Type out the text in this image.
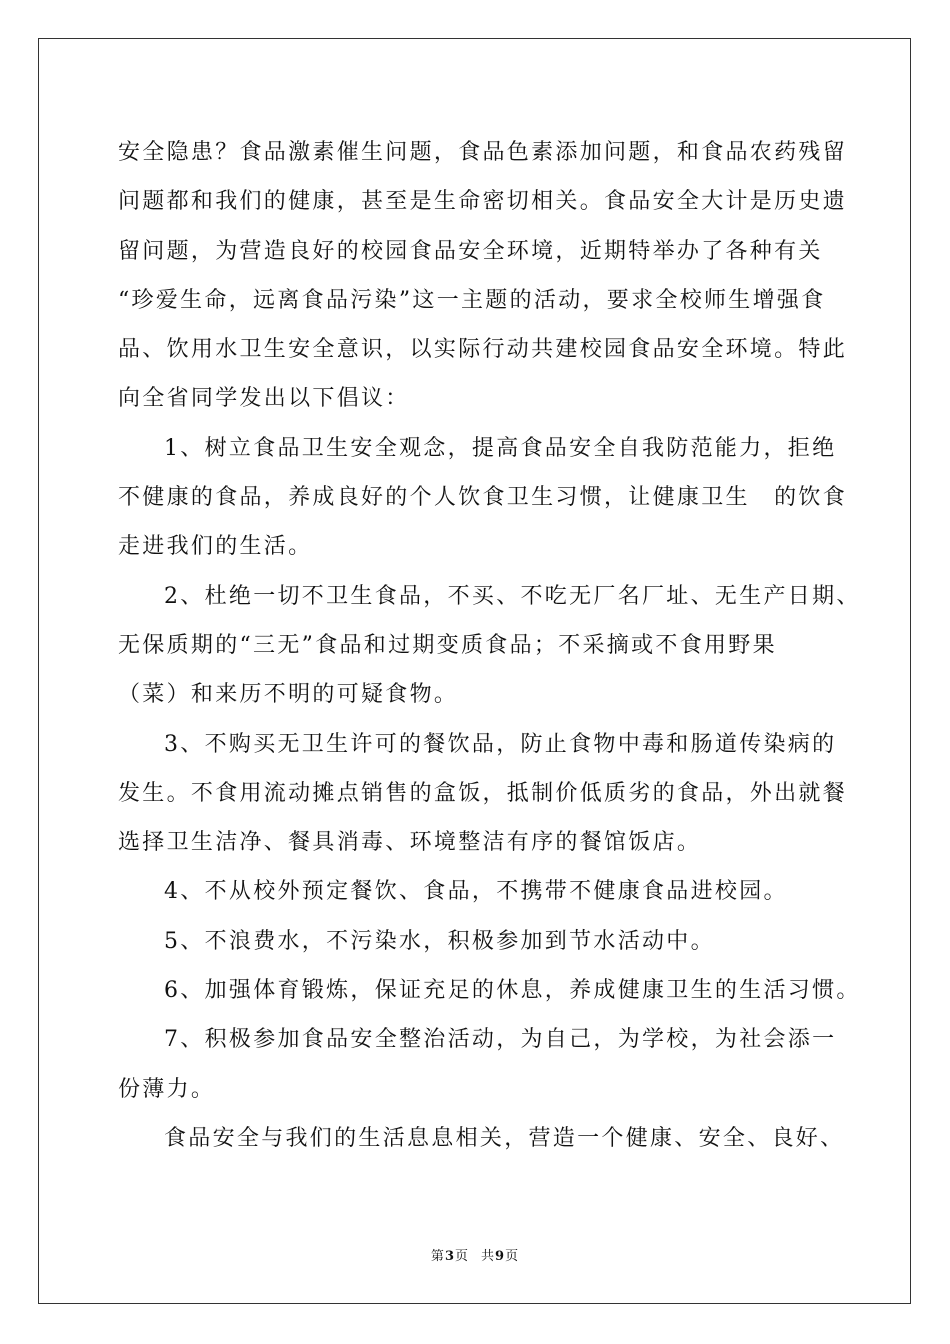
安全隐患？食品激素催生问题，食品色素添加问题，和食品农药残留
问题都和我们的健康，甚至是生命密切相关。食品安全大计是历史遗
留问题，为营造良好的校园食品安全环境，近期特举办了各种有关
“珍爱生命，远离食品污染”这一主题的活动，要求全校师生增强食
品、饮用水卫生安全意识，以实际行动共建校园食品安全环境。特此
向全省同学发出以下倡议：
1、树立食品卫生安全观念，提高食品安全自我防范能力，拒绝
不健康的食品，养成良好的个人饮食卫生习惯，让健康卫生　的饮食
走进我们的生活。
2、杜绝一切不卫生食品，不买、不吃无厂名厂址、无生产日期、
无保质期的“三无”食品和过期变质食品；不采摘或不食用野果
（菜）和来历不明的可疑食物。
3、不购买无卫生许可的餐饮品，防止食物中毒和肠道传染病的
发生。不食用流动摊点销售的盒饭，抵制价低质劣的食品，外出就餐
选择卫生洁净、餐具消毒、环境整洁有序的餐馆饭店。
4、不从校外预定餐饮、食品，不携带不健康食品进校园。
5、不浪费水，不污染水，积极参加到节水活动中。
6、加强体育锻炼，保证充足的休息，养成健康卫生的生活习惯。
7、积极参加食品安全整治活动，为自己，为学校，为社会添一
份薄力。
食品安全与我们的生活息息相关，营造一个健康、安全、良好、
第3页 共9页
